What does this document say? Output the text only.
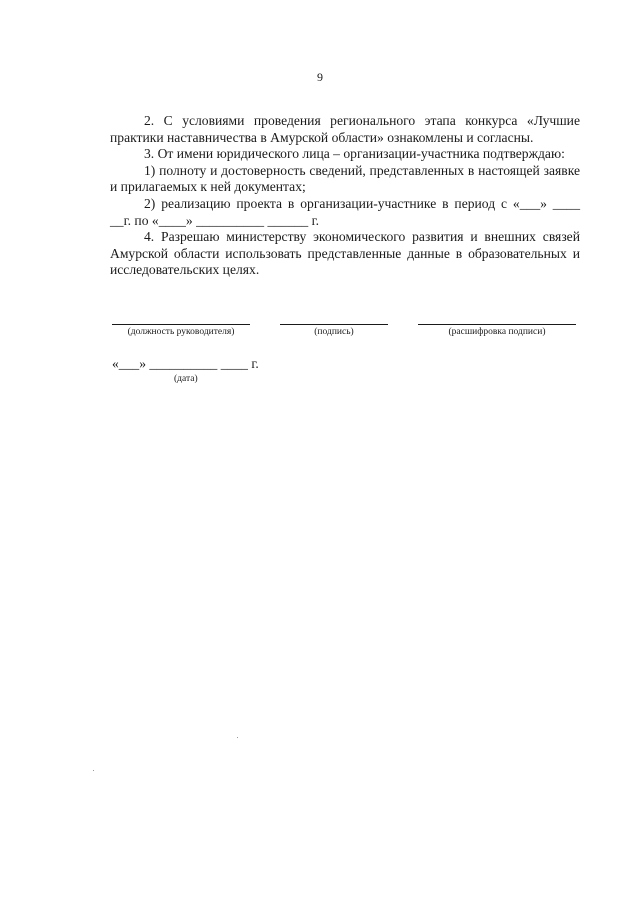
9

2. С условиями проведения регионального этапа конкурса «Лучшие практики наставничества в Амурской области» ознакомлены и согласны.

3. От имени юридического лица – организации-участника подтверждаю:

1) полноту и достоверность сведений, представленных в настоящей заявке и прилагаемых к ней документах;

2) реализацию проекта в организации-участнике в период с «___» ____ __г. по «____» __________ ______ г.

4. Разрешаю министерству экономического развития и внешних связей Амурской области использовать представленные данные в образовательных и исследовательских целях.

(должность руководителя)	(подпись)	(расшифровка подписи)
«___» __________ ____ г.
(дата)
